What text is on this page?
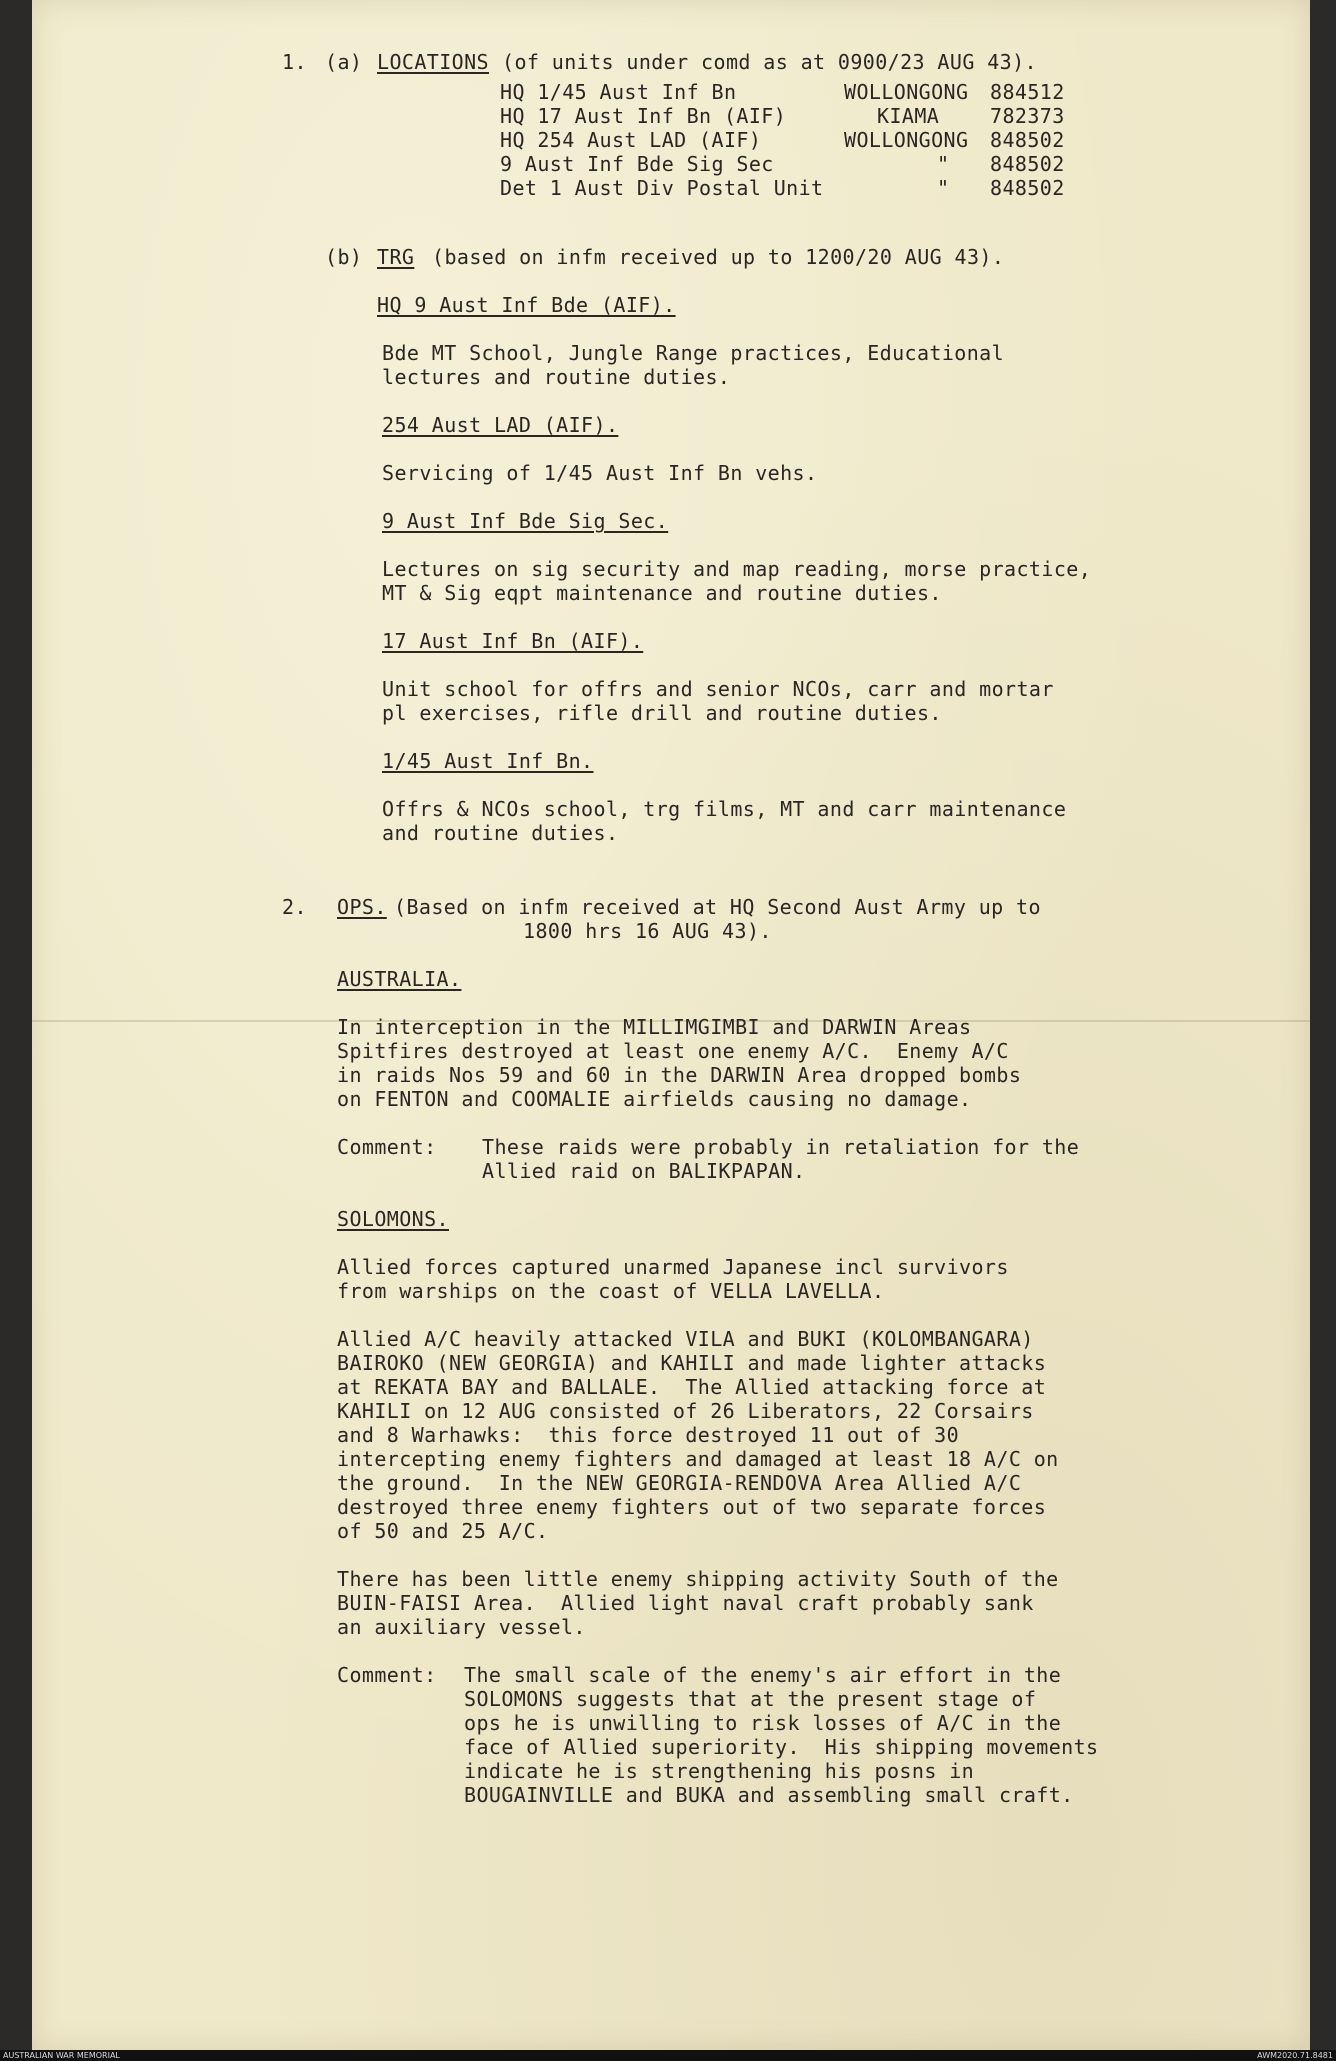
1. (a) LOCATIONS (of units under comd as at 0900/23 AUG 43).
HQ 1/45 Aust Inf Bn	WOLLONGONG 884512
HQ 17 Aust Inf Bn (AIF)	KIAMA	782373
HQ 254 Aust LAD (AIF)	WOLLONGONG 848502
9 Aust Inf Bde Sig Sec	" 848502
Det 1 Aust Div Postal Unit	" 848502
(b) TRG (based on infm received up to 1200/20 AUG 43).
HQ 9 Aust Inf Bde (AIF).
Bde MT School, Jungle Range practices, Educational
lectures and routine duties.
254 Aust LAD (AIF).
Servicing of 1/45 Aust Inf Bn vehs.
9 Aust Inf Bde Sig Sec.
Lectures on sig security and map reading, morse practice,
MT & Sig eqpt maintenance and routine duties.
17 Aust Inf Bn (AIF).
Unit school for offrs and senior NCOs, carr and mortar
pl exercises, rifle drill and routine duties.
1/45 Aust Inf Bn.
Offrs & NCOs school, trg films, MT and carr maintenance
and routine duties.
2. OPS. (Based on infm received at HQ Second Aust Army up to
1800 hrs 16 AUG 43).
AUSTRALIA.
In interception in the MILLIMGIMBI and DARWIN Areas
Spitfires destroyed at least one enemy A/C.  Enemy A/C
in raids Nos 59 and 60 in the DARWIN Area dropped bombs
on FENTON and COOMALIE airfields causing no damage.
Comment: These raids were probably in retaliation for the
Allied raid on BALIKPAPAN.
SOLOMONS.
Allied forces captured unarmed Japanese incl survivors
from warships on the coast of VELLA LAVELLA.
Allied A/C heavily attacked VILA and BUKI (KOLOMBANGARA)
BAIROKO (NEW GEORGIA) and KAHILI and made lighter attacks
at REKATA BAY and BALLALE.  The Allied attacking force at
KAHILI on 12 AUG consisted of 26 Liberators, 22 Corsairs
and 8 Warhawks:  this force destroyed 11 out of 30
intercepting enemy fighters and damaged at least 18 A/C on
the ground.  In the NEW GEORGIA-RENDOVA Area Allied A/C
destroyed three enemy fighters out of two separate forces
of 50 and 25 A/C.
There has been little enemy shipping activity South of the
BUIN-FAISI Area.  Allied light naval craft probably sank
an auxiliary vessel.
Comment: The small scale of the enemy's air effort in the
SOLOMONS suggests that at the present stage of
ops he is unwilling to risk losses of A/C in the
face of Allied superiority.  His shipping movements
indicate he is strengthening his posns in
BOUGAINVILLE and BUKA and assembling small craft.
AUSTRALIAN WAR MEMORIAL	AWM2020.71.8481
